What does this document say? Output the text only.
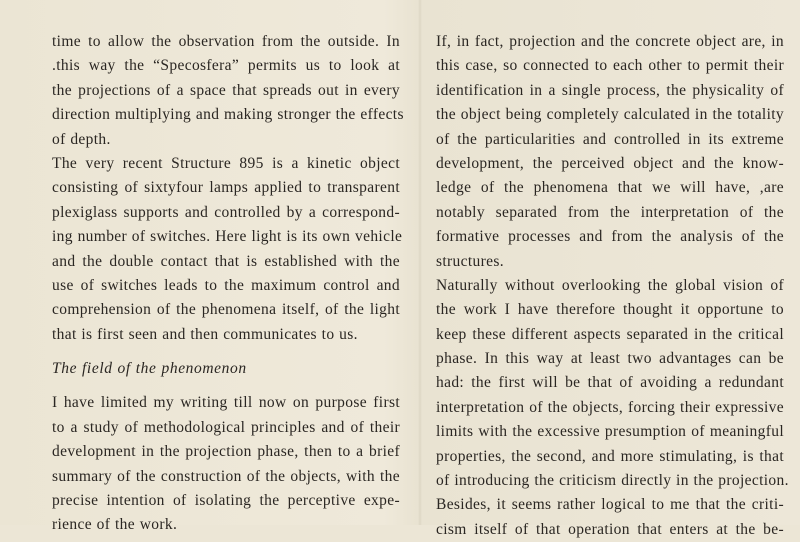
time to allow the observation from the outside. In
.this way the “Specosfera” permits us to look at
the projections of a space that spreads out in every
direction multiplying and making stronger the effects
of depth.
The very recent Structure 895 is a kinetic object
consisting of sixtyfour lamps applied to transparent
plexiglass supports and controlled by a correspond-
ing number of switches. Here light is its own vehicle
and the double contact that is established with the
use of switches leads to the maximum control and
comprehension of the phenomena itself, of the light
that is first seen and then communicates to us.
The field of the phenomenon
I have limited my writing till now on purpose first
to a study of methodological principles and of their
development in the projection phase, then to a brief
summary of the construction of the objects, with the
precise intention of isolating the perceptive expe-
rience of the work.
If, in fact, projection and the concrete object are, in
this case, so connected to each other to permit their
identification in a single process, the physicality of
the object being completely calculated in the totality
of the particularities and controlled in its extreme
development, the perceived object and the know-
ledge of the phenomena that we will have, ,are
notably separated from the interpretation of the
formative processes and from the analysis of the
structures.
Naturally without overlooking the global vision of
the work I have therefore thought it opportune to
keep these different aspects separated in the critical
phase. In this way at least two advantages can be
had: the first will be that of avoiding a redundant
interpretation of the objects, forcing their expressive
limits with the excessive presumption of meaningful
properties, the second, and more stimulating, is that
of introducing the criticism directly in the projection.
Besides, it seems rather logical to me that the criti-
cism itself of that operation that enters at the be-
